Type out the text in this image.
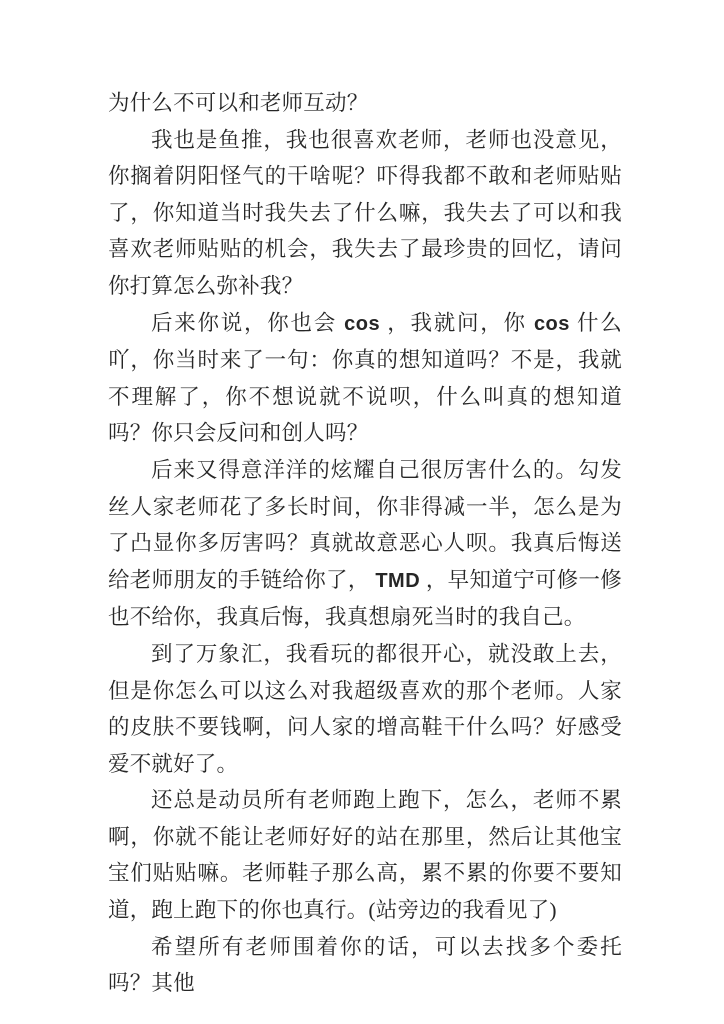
为什么不可以和老师互动？

我也是鱼推，我也很喜欢老师，老师也没意见，你搁着阴阳怪气的干啥呢？吓得我都不敢和老师贴贴了，你知道当时我失去了什么嘛，我失去了可以和我喜欢老师贴贴的机会，我失去了最珍贵的回忆，请问你打算怎么弥补我？

后来你说，你也会 cos ，我就问，你 cos 什么吖，你当时来了一句：你真的想知道吗？不是，我就不理解了，你不想说就不说呗，什么叫真的想知道吗？你只会反问和创人吗？

后来又得意洋洋的炫耀自己很厉害什么的。勾发丝人家老师花了多长时间，你非得减一半，怎么是为了凸显你多厉害吗？真就故意恶心人呗。我真后悔送给老师朋友的手链给你了， TMD ，早知道宁可修一修也不给你，我真后悔，我真想扇死当时的我自己。

到了万象汇，我看玩的都很开心，就没敢上去，但是你怎么可以这么对我超级喜欢的那个老师。人家的皮肤不要钱啊，问人家的增高鞋干什么吗？好感受爱不就好了。

还总是动员所有老师跑上跑下，怎么，老师不累啊，你就不能让老师好好的站在那里，然后让其他宝宝们贴贴嘛。老师鞋子那么高，累不累的你要不要知道，跑上跑下的你也真行。(站旁边的我看见了)

希望所有老师围着你的话，可以去找多个委托吗？其他
